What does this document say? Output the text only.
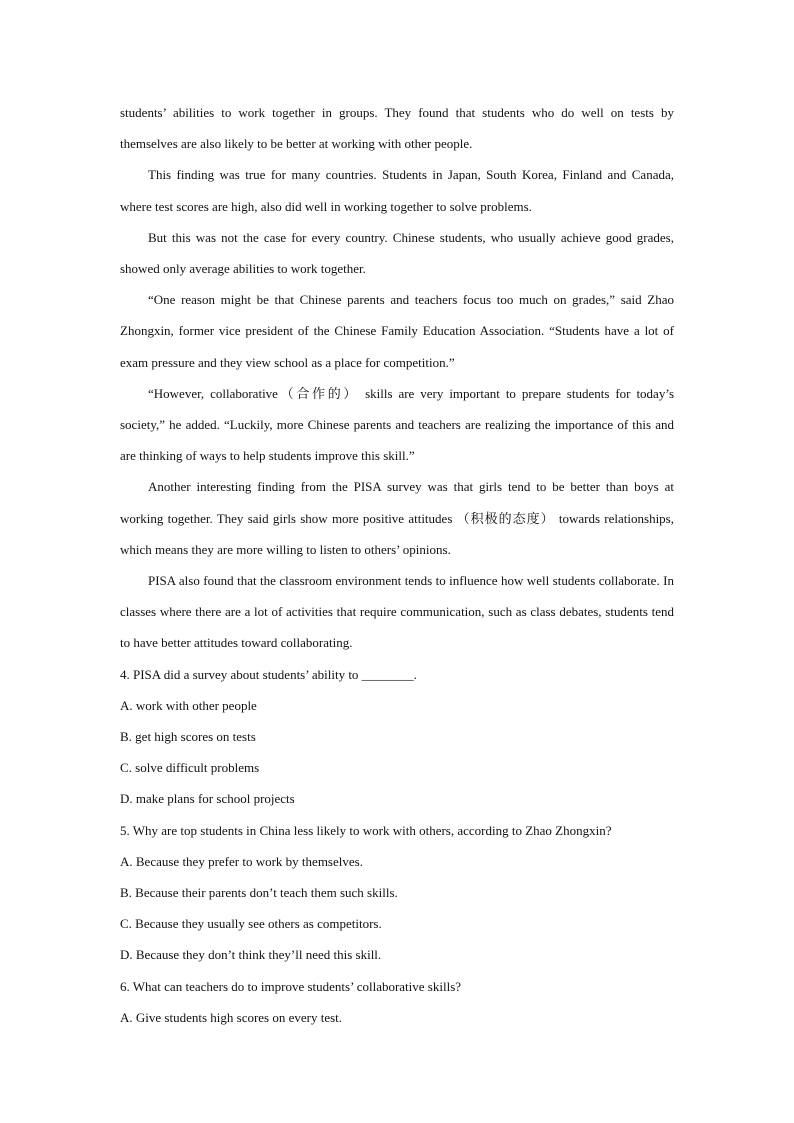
students’ abilities to work together in groups. They found that students who do well on tests by themselves are also likely to be better at working with other people.

This finding was true for many countries. Students in Japan, South Korea, Finland and Canada, where test scores are high, also did well in working together to solve problems.

But this was not the case for every country. Chinese students, who usually achieve good grades, showed only average abilities to work together.

“One reason might be that Chinese parents and teachers focus too much on grades,” said Zhao Zhongxin, former vice president of the Chinese Family Education Association. “Students have a lot of exam pressure and they view school as a place for competition.”

“However, collaborative（合作的） skills are very important to prepare students for today’s society,” he added. “Luckily, more Chinese parents and teachers are realizing the importance of this and are thinking of ways to help students improve this skill.”

Another interesting finding from the PISA survey was that girls tend to be better than boys at working together. They said girls show more positive attitudes （积极的态度） towards relationships, which means they are more willing to listen to others’ opinions.

PISA also found that the classroom environment tends to influence how well students collaborate. In classes where there are a lot of activities that require communication, such as class debates, students tend to have better attitudes toward collaborating.

4. PISA did a survey about students’ ability to ________.

A. work with other people

B. get high scores on tests

C. solve difficult problems

D. make plans for school projects

5. Why are top students in China less likely to work with others, according to Zhao Zhongxin?

A. Because they prefer to work by themselves.

B. Because their parents don’t teach them such skills.

C. Because they usually see others as competitors.

D. Because they don’t think they’ll need this skill.

6. What can teachers do to improve students’ collaborative skills?

A. Give students high scores on every test.
